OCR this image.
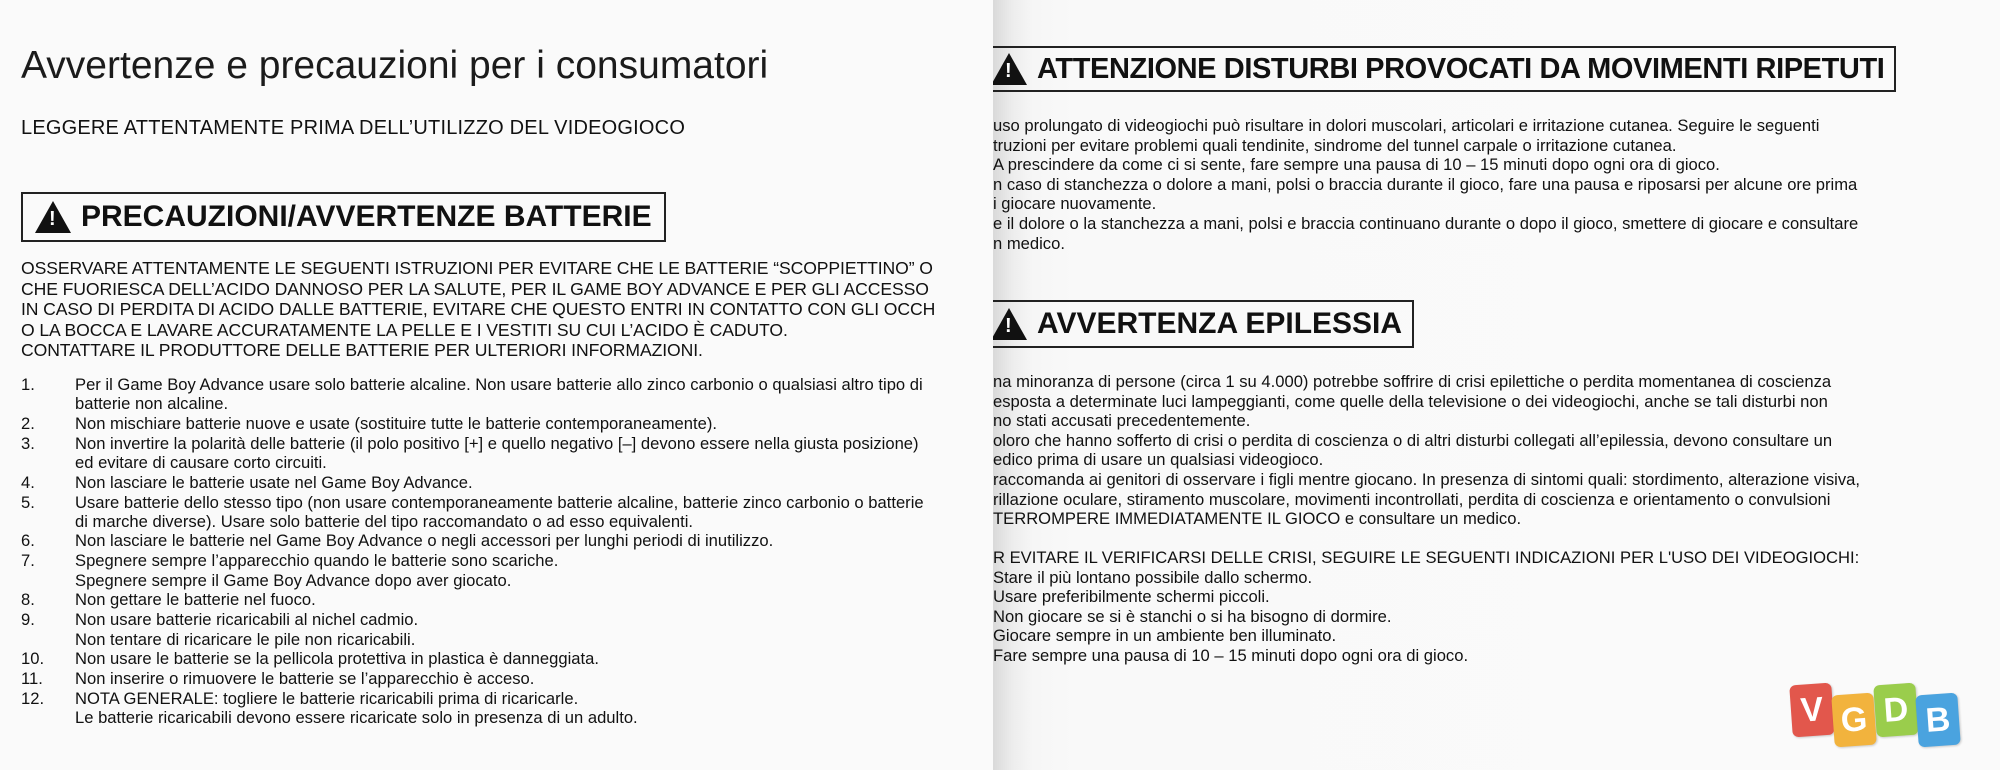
Avvertenze e precauzioni per i consumatori
LEGGERE ATTENTAMENTE PRIMA DELL’UTILIZZO DEL VIDEOGIOCO
! PRECAUZIONI/AVVERTENZE BATTERIE
OSSERVARE ATTENTAMENTE LE SEGUENTI ISTRUZIONI PER EVITARE CHE LE BATTERIE “SCOPPIETTINO” O
CHE FUORIESCA DELL’ACIDO DANNOSO PER LA SALUTE, PER IL GAME BOY ADVANCE E PER GLI ACCESSO
IN CASO DI PERDITA DI ACIDO DALLE BATTERIE, EVITARE CHE QUESTO ENTRI IN CONTATTO CON GLI OCCH
O LA BOCCA E LAVARE ACCURATAMENTE LA PELLE E I VESTITI SU CUI L’ACIDO È CADUTO.
CONTATTARE IL PRODUTTORE DELLE BATTERIE PER ULTERIORI INFORMAZIONI.
1.	Per il Game Boy Advance usare solo batterie alcaline. Non usare batterie allo zinco carbonio o qualsiasi altro tipo di
batterie non alcaline.
2.	Non mischiare batterie nuove e usate (sostituire tutte le batterie contemporaneamente).
3.	Non invertire la polarità delle batterie (il polo positivo [+] e quello negativo [–] devono essere nella giusta posizione)
ed evitare di causare corto circuiti.
4.	Non lasciare le batterie usate nel Game Boy Advance.
5.	Usare batterie dello stesso tipo (non usare contemporaneamente batterie alcaline, batterie zinco carbonio o batterie
di marche diverse). Usare solo batterie del tipo raccomandato o ad esso equivalenti.
6.	Non lasciare le batterie nel Game Boy Advance o negli accessori per lunghi periodi di inutilizzo.
7.	Spegnere sempre l’apparecchio quando le batterie sono scariche.
Spegnere sempre il Game Boy Advance dopo aver giocato.
8.	Non gettare le batterie nel fuoco.
9.	Non usare batterie ricaricabili al nichel cadmio.
Non tentare di ricaricare le pile non ricaricabili.
10.	Non usare le batterie se la pellicola protettiva in plastica è danneggiata.
11.	Non inserire o rimuovere le batterie se l’apparecchio è acceso.
12.	NOTA GENERALE: togliere le batterie ricaricabili prima di ricaricarle.
Le batterie ricaricabili devono essere ricaricate solo in presenza di un adulto.
! ATTENZIONE DISTURBI PROVOCATI DA MOVIMENTI RIPETUTI
uso prolungato di videogiochi può risultare in dolori muscolari, articolari e irritazione cutanea. Seguire le seguenti
truzioni per evitare problemi quali tendinite, sindrome del tunnel carpale o irritazione cutanea.
A prescindere da come ci si sente, fare sempre una pausa di 10 – 15 minuti dopo ogni ora di gioco.
n caso di stanchezza o dolore a mani, polsi o braccia durante il gioco, fare una pausa e riposarsi per alcune ore prima
i giocare nuovamente.
e il dolore o la stanchezza a mani, polsi e braccia continuano durante o dopo il gioco, smettere di giocare e consultare
n medico.
! AVVERTENZA EPILESSIA
na minoranza di persone (circa 1 su 4.000) potrebbe soffrire di crisi epilettiche o perdita momentanea di coscienza
esposta a determinate luci lampeggianti, come quelle della televisione o dei videogiochi, anche se tali disturbi non
no stati accusati precedentemente.
oloro che hanno sofferto di crisi o perdita di coscienza o di altri disturbi collegati all’epilessia, devono consultare un
edico prima di usare un qualsiasi videogioco.
raccomanda ai genitori di osservare i figli mentre giocano. In presenza di sintomi quali: stordimento, alterazione visiva,
rillazione oculare, stiramento muscolare, movimenti incontrollati, perdita di coscienza e orientamento o convulsioni
TERROMPERE IMMEDIATAMENTE IL GIOCO e consultare un medico.
R EVITARE IL VERIFICARSI DELLE CRISI, SEGUIRE LE SEGUENTI INDICAZIONI PER L'USO DEI VIDEOGIOCHI:
Stare il più lontano possibile dallo schermo.
Usare preferibilmente schermi piccoli.
Non giocare se si è stanchi o si ha bisogno di dormire.
Giocare sempre in un ambiente ben illuminato.
Fare sempre una pausa di 10 – 15 minuti dopo ogni ora di gioco.
V G D B
